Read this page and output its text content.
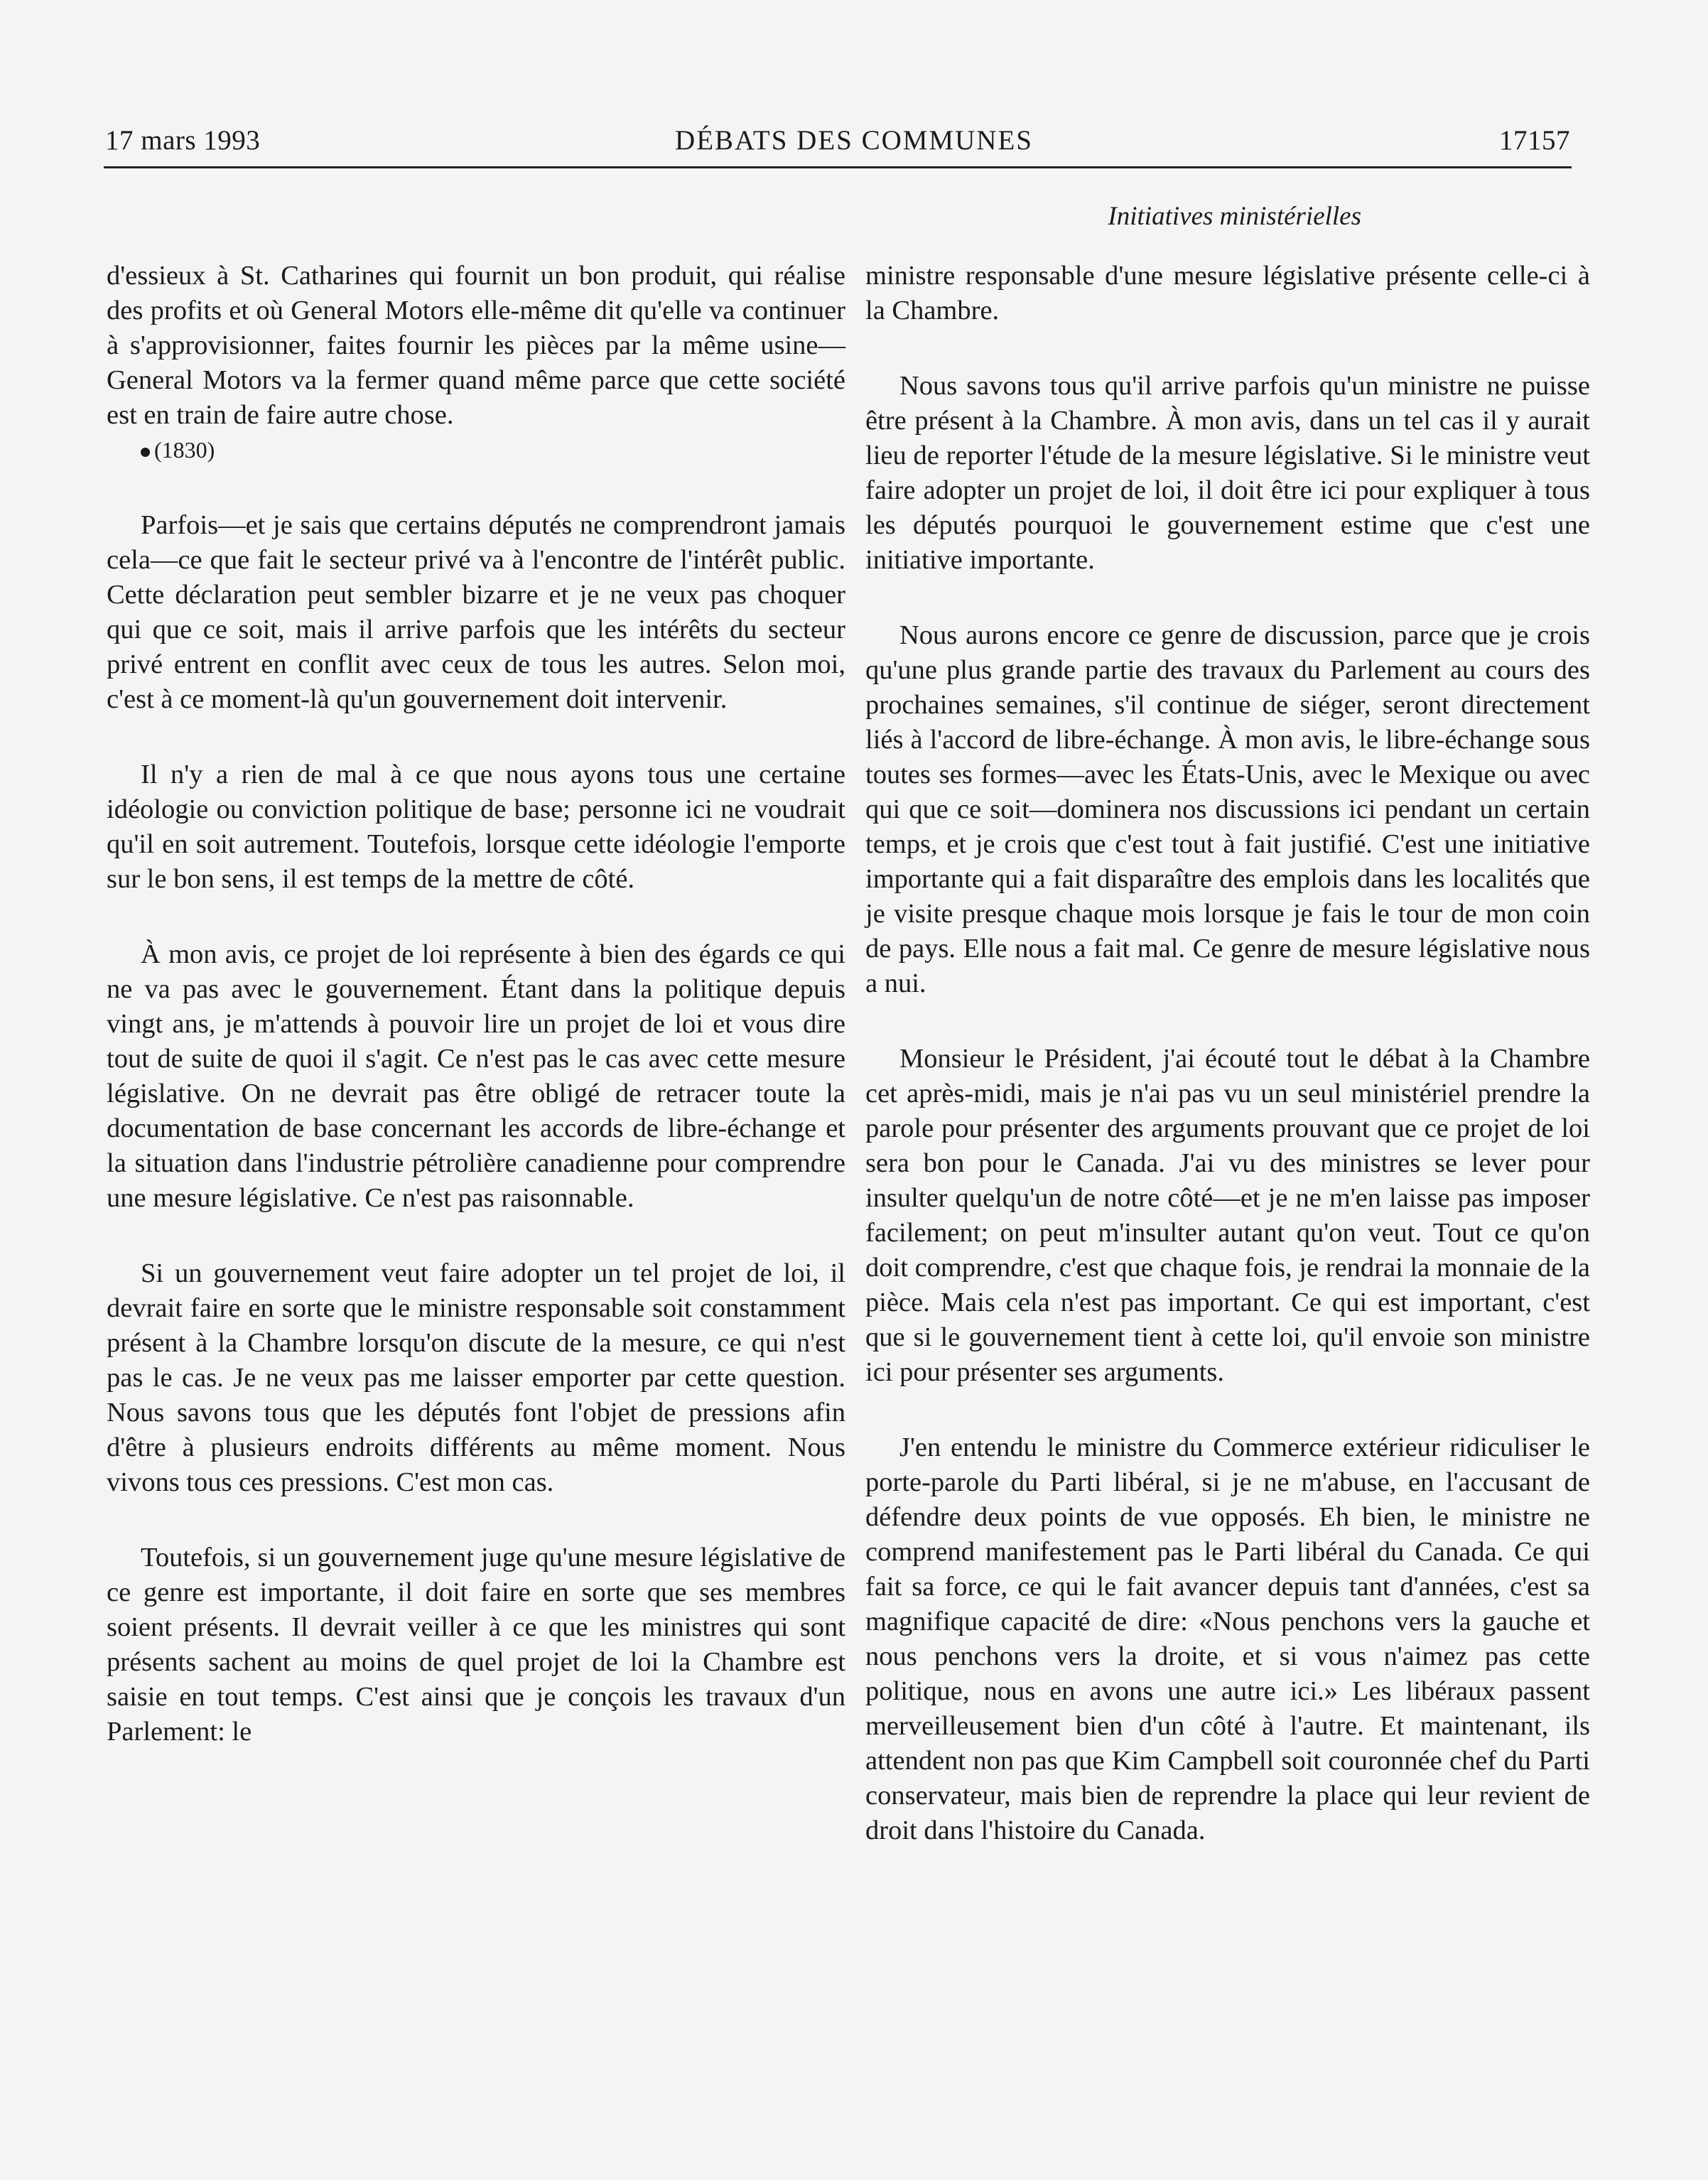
DÉBATS DES COMMUNES
17 mars 1993	17157
Initiatives ministérielles

d'essieux à St. Catharines qui fournit un bon produit, qui réalise des profits et où General Motors elle-même dit qu'elle va continuer à s'approvisionner, faites fournir les pièces par la même usine—General Motors va la fermer quand même parce que cette société est en train de faire autre chose.

(1830)

Parfois—et je sais que certains députés ne comprendront jamais cela—ce que fait le secteur privé va à l'encontre de l'intérêt public. Cette déclaration peut sembler bizarre et je ne veux pas choquer qui que ce soit, mais il arrive parfois que les intérêts du secteur privé entrent en conflit avec ceux de tous les autres. Selon moi, c'est à ce moment-là qu'un gouvernement doit intervenir.

Il n'y a rien de mal à ce que nous ayons tous une certaine idéologie ou conviction politique de base; personne ici ne voudrait qu'il en soit autrement. Toutefois, lorsque cette idéologie l'emporte sur le bon sens, il est temps de la mettre de côté.

À mon avis, ce projet de loi représente à bien des égards ce qui ne va pas avec le gouvernement. Étant dans la politique depuis vingt ans, je m'attends à pouvoir lire un projet de loi et vous dire tout de suite de quoi il s'agit. Ce n'est pas le cas avec cette mesure législative. On ne devrait pas être obligé de retracer toute la documentation de base concernant les accords de libre-échange et la situation dans l'industrie pétrolière canadienne pour comprendre une mesure législative. Ce n'est pas raisonnable.

Si un gouvernement veut faire adopter un tel projet de loi, il devrait faire en sorte que le ministre responsable soit constamment présent à la Chambre lorsqu'on discute de la mesure, ce qui n'est pas le cas. Je ne veux pas me laisser emporter par cette question. Nous savons tous que les députés font l'objet de pressions afin d'être à plusieurs endroits différents au même moment. Nous vivons tous ces pressions. C'est mon cas.

Toutefois, si un gouvernement juge qu'une mesure législative de ce genre est importante, il doit faire en sorte que ses membres soient présents. Il devrait veiller à ce que les ministres qui sont présents sachent au moins de quel projet de loi la Chambre est saisie en tout temps. C'est ainsi que je conçois les travaux d'un Parlement: le

ministre responsable d'une mesure législative présente celle-ci à la Chambre.

Nous savons tous qu'il arrive parfois qu'un ministre ne puisse être présent à la Chambre. À mon avis, dans un tel cas il y aurait lieu de reporter l'étude de la mesure législative. Si le ministre veut faire adopter un projet de loi, il doit être ici pour expliquer à tous les députés pourquoi le gouvernement estime que c'est une initiative importante.

Nous aurons encore ce genre de discussion, parce que je crois qu'une plus grande partie des travaux du Parlement au cours des prochaines semaines, s'il continue de siéger, seront directement liés à l'accord de libre-échange. À mon avis, le libre-échange sous toutes ses formes—avec les États-Unis, avec le Mexique ou avec qui que ce soit—dominera nos discussions ici pendant un certain temps, et je crois que c'est tout à fait justifié. C'est une initiative importante qui a fait disparaître des emplois dans les localités que je visite presque chaque mois lorsque je fais le tour de mon coin de pays. Elle nous a fait mal. Ce genre de mesure législative nous a nui.

Monsieur le Président, j'ai écouté tout le débat à la Chambre cet après-midi, mais je n'ai pas vu un seul ministériel prendre la parole pour présenter des arguments prouvant que ce projet de loi sera bon pour le Canada. J'ai vu des ministres se lever pour insulter quelqu'un de notre côté—et je ne m'en laisse pas imposer facilement; on peut m'insulter autant qu'on veut. Tout ce qu'on doit comprendre, c'est que chaque fois, je rendrai la monnaie de la pièce. Mais cela n'est pas important. Ce qui est important, c'est que si le gouvernement tient à cette loi, qu'il envoie son ministre ici pour présenter ses arguments.

J'en entendu le ministre du Commerce extérieur ridiculiser le porte-parole du Parti libéral, si je ne m'abuse, en l'accusant de défendre deux points de vue opposés. Eh bien, le ministre ne comprend manifestement pas le Parti libéral du Canada. Ce qui fait sa force, ce qui le fait avancer depuis tant d'années, c'est sa magnifique capacité de dire: «Nous penchons vers la gauche et nous penchons vers la droite, et si vous n'aimez pas cette politique, nous en avons une autre ici.» Les libéraux passent merveilleusement bien d'un côté à l'autre. Et maintenant, ils attendent non pas que Kim Campbell soit couronnée chef du Parti conservateur, mais bien de reprendre la place qui leur revient de droit dans l'histoire du Canada.
